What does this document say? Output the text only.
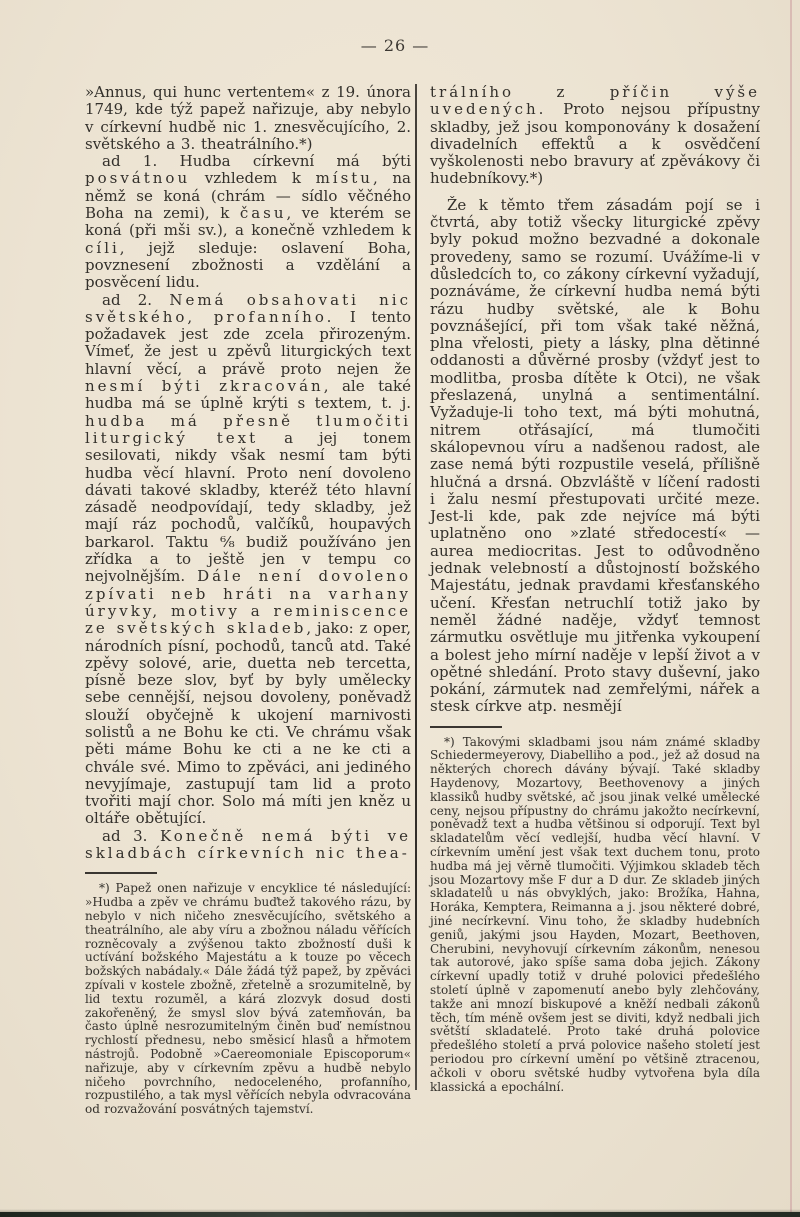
— 26 —

»Annus, qui hunc vertentem« z 19. února 1749, kde týž papež nařizuje, aby nebylo v církevní hudbě nic 1. znesvěcujícího, 2. světského a 3. theatrálního.*)

ad 1. Hudba církevní má býti posvátnou vzhledem k místu, na němž se koná (chrám — sídlo věčného Boha na zemi), k času, ve kterém se koná (při mši sv.), a konečně vzhledem k cíli, jejž sleduje: oslavení Boha, povznesení zbožnosti a vzdělání a posvěcení lidu.

ad 2. Nemá obsahovati nic světského, profanního. I tento požadavek jest zde zcela přirozeným. Vímeť, že jest u zpěvů liturgických text hlavní věcí, a právě proto nejen že nesmí býti zkracován, ale také hudba má se úplně krýti s textem, t. j. hudba má přesně tlumočiti liturgický text a jej tonem sesilovati, nikdy však nesmí tam býti hudba věcí hlavní. Proto není dovoleno dávati takové skladby, kteréž této hlavní zásadě neodpovídají, tedy skladby, jež mají ráz pochodů, valčíků, houpavých barkarol. Taktu ⁶⁄₈ budiž používáno jen zřídka a to ještě jen v tempu co nejvolnějším. Dále není dovoleno zpívati neb hráti na varhany úryvky, motivy a reminiscence ze světských skladeb, jako: z oper, národních písní, pochodů, tanců atd. Také zpěvy solové, arie, duetta neb tercetta, písně beze slov, byť by byly umělecky sebe cennější, nejsou dovoleny, poněvadž slouží obyčejně k ukojení marnivosti solistů a ne Bohu ke cti. Ve chrámu však pěti máme Bohu ke cti a ne ke cti a chvále své. Mimo to zpěváci, ani jediného nevyjímaje, zastupují tam lid a proto tvořiti mají chor. Solo má míti jen kněz u oltáře obětující.

ad 3. Konečně nemá býti ve skladbách církevních nic thea-

*) Papež onen nařizuje v encyklice té následující: »Hudba a zpěv ve chrámu buďtež takového rázu, by nebylo v nich ničeho znesvěcujícího, světského a theatrálního, ale aby víru a zbožnou náladu věřících rozněcovaly a zvýšenou takto zbožností duši k uctívání božského Majestátu a k touze po věcech božských nabádaly.« Dále žádá týž papež, by zpěváci zpívali v kostele zbožně, zřetelně a srozumitelně, by lid textu rozuměl, a kárá zlozvyk dosud dosti zakořeněný, že smysl slov bývá zatemňován, ba často úplně nesrozumitelným činěn buď nemístnou rychlostí přednesu, nebo směsicí hlasů a hřmotem nástrojů. Podobně »Caereomoniale Episcoporum« nařizuje, aby v církevním zpěvu a hudbě nebylo ničeho povrchního, nedoceleného, profanního, rozpustilého, a tak mysl věřících nebyla odvracována od rozvažování posvátných tajemství.

trálního z příčin výše uvedených. Proto nejsou přípustny skladby, jež jsou komponovány k dosažení divadelních effektů a k osvědčení vyškolenosti nebo bravury ať zpěvákovy či hudebníkovy.*)

Že k těmto třem zásadám pojí se i čtvrtá, aby totiž všecky liturgické zpěvy byly pokud možno bezvadné a dokonale provedeny, samo se rozumí. Uvážíme-li v důsledcích to, co zákony církevní vyžadují, poznáváme, že církevní hudba nemá býti rázu hudby světské, ale k Bohu povznášející, při tom však také něžná, plna vřelosti, piety a lásky, plna dětinné oddanosti a důvěrné prosby (vždyť jest to modlitba, prosba dítěte k Otci), ne však přeslazená, unylná a sentimentální. Vyžaduje-li toho text, má býti mohutná, nitrem otřásající, má tlumočiti skálopevnou víru a nadšenou radost, ale zase nemá býti rozpustile veselá, přílišně hlučná a drsná. Obzvláště v líčení radosti i žalu nesmí přestupovati určité meze. Jest-li kde, pak zde nejvíce má býti uplatněno ono »zlaté středocestí« — aurea mediocritas. Jest to odůvodněno jednak velebností a důstojností božského Majestátu, jednak pravdami křesťanského učení. Křesťan netruchlí totiž jako by neměl žádné naděje, vždyť temnost zármutku osvětluje mu jitřenka vykoupení a bolest jeho mírní naděje v lepší život a v opětné shledání. Proto stavy duševní, jako pokání, zármutek nad zemřelými, nářek a stesk církve atp. nesmějí

*) Takovými skladbami jsou nám známé skladby Schiedermeyerovy, Diabelliho a pod., jež až dosud na některých chorech dávány bývají. Také skladby Haydenovy, Mozartovy, Beethovenovy a jiných klassiků hudby světské, ač jsou jinak velké umělecké ceny, nejsou přípustny do chrámu jakožto necírkevní, poněvadž text a hudba většinou si odporují. Text byl skladatelům věcí vedlejší, hudba věcí hlavní. V církevním umění jest však text duchem tonu, proto hudba má jej věrně tlumočiti. Výjimkou skladeb těch jsou Mozartovy mše F dur a D dur. Ze skladeb jiných skladatelů u nás obvyklých, jako: Brožíka, Hahna, Horáka, Kemptera, Reimanna a j. jsou některé dobré, jiné necírkevní. Vinu toho, že skladby hudebních geniů, jakými jsou Hayden, Mozart, Beethoven, Cherubini, nevyhovují církevním zákonům, nenesou tak autorové, jako spíše sama doba jejich. Zákony církevní upadly totiž v druhé polovici předešlého století úplně v zapomenutí anebo byly zlehčovány, takže ani mnozí biskupové a kněží nedbali zákonů těch, tím méně ovšem jest se diviti, když nedbali jich světští skladatelé. Proto také druhá polovice předešlého století a prvá polovice našeho století jest periodou pro církevní umění po většině ztracenou, ačkoli v oboru světské hudby vytvořena byla díla klassická a epochální.
